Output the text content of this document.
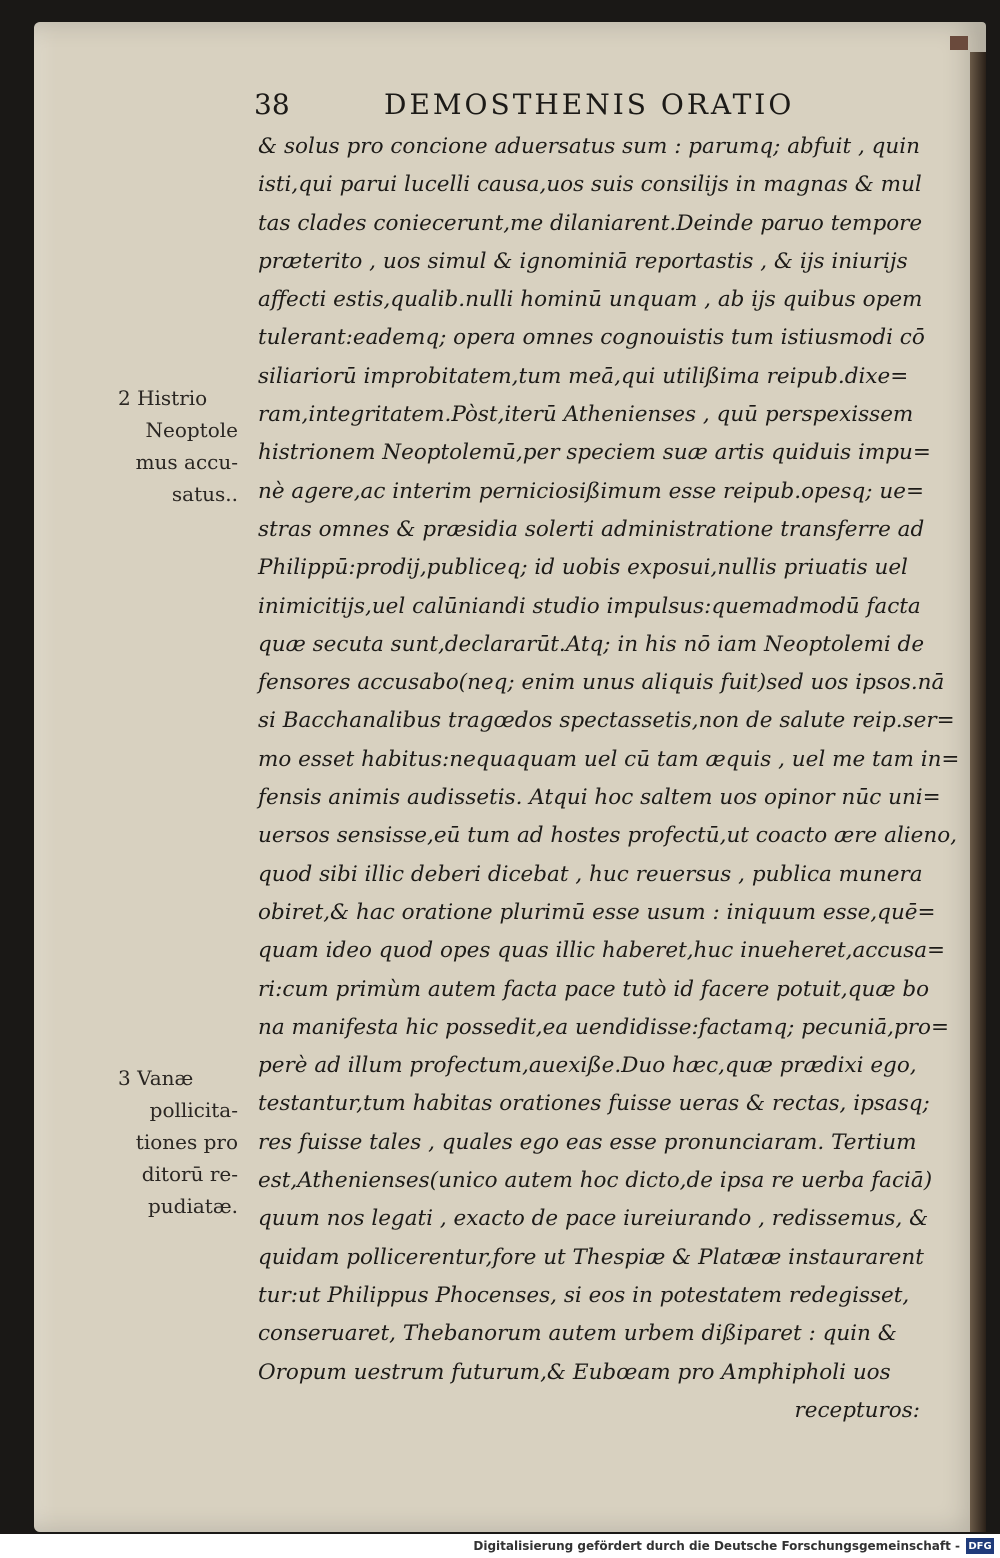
38	DEMOSTHENIS ORATIO
& solus pro concione aduersatus sum : parumq; abfuit , quin
isti,qui parui lucelli causa,uos suis consilijs in magnas & mul
tas clades coniecerunt,me dilaniarent.Deinde paruo tempore
præterito , uos simul & ignominiā reportastis , & ijs iniurijs
affecti estis,qualib.nulli hominū unquam , ab ijs quibus opem
tulerant:eademq; opera omnes cognouistis tum istiusmodi cō
siliariorū improbitatem,tum meā,qui utilißima reipub.dixe=
ram,integritatem.Pòst,iterū Athenienses , quū perspexissem
histrionem Neoptolemū,per speciem suæ artis quiduis impu=
nè agere,ac interim perniciosißimum esse reipub.opesq; ue=
stras omnes & præsidia solerti administratione transferre ad
Philippū:prodij,publiceq; id uobis exposui,nullis priuatis uel
inimicitijs,uel calūniandi studio impulsus:quemadmodū facta
quæ secuta sunt,declararūt.Atq; in his nō iam Neoptolemi de
fensores accusabo(neq; enim unus aliquis fuit)sed uos ipsos.nā
si Bacchanalibus tragœdos spectassetis,non de salute reip.ser=
mo esset habitus:nequaquam uel cū tam æquis , uel me tam in=
fensis animis audissetis. Atqui hoc saltem uos opinor nūc uni=
uersos sensisse,eū tum ad hostes profectū,ut coacto ære alieno,
quod sibi illic deberi dicebat , huc reuersus , publica munera
obiret,& hac oratione plurimū esse usum : iniquum esse,quē=
quam ideo quod opes quas illic haberet,huc inueheret,accusa=
ri:cum primùm autem facta pace tutò id facere potuit,quæ bo
na manifesta hic possedit,ea uendidisse:factamq; pecuniā,pro=
perè ad illum profectum,auexiße.Duo hæc,quæ prædixi ego,
testantur,tum habitas orationes fuisse ueras & rectas, ipsasq;
res fuisse tales , quales ego eas esse pronunciaram. Tertium
est,Athenienses(unico autem hoc dicto,de ipsa re uerba faciā)
quum nos legati , exacto de pace iureiurando , redissemus, &
quidam pollicerentur,fore ut Thespiæ & Platææ instaurarent
tur:ut Philippus Phocenses, si eos in potestatem redegisset,
conseruaret, Thebanorum autem urbem dißiparet : quin &
Oropum uestrum futurum,& Eubœam pro Amphipholi uos
recepturos:
2 Histrio
Neoptole
mus accu-
satus..
3 Vanæ
pollicita-
tiones pro
ditorū re-
pudiatæ.
Digitalisierung gefördert durch die Deutsche Forschungsgemeinschaft - DFG
